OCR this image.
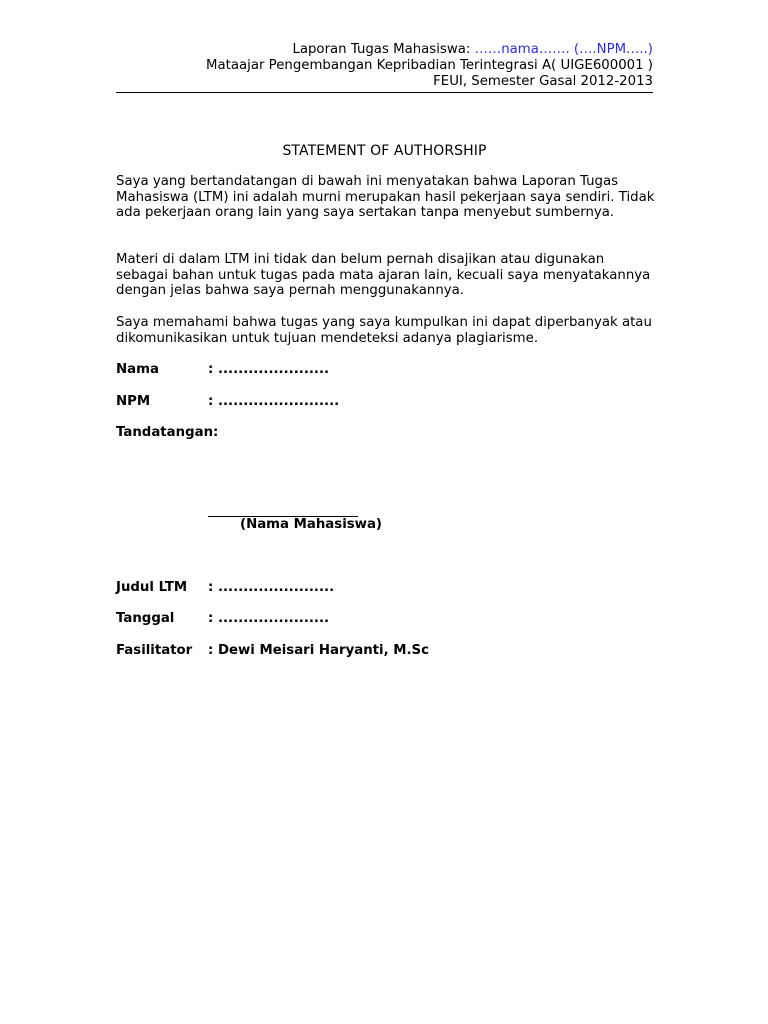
Laporan Tugas Mahasiswa: ……nama……. (….NPM…..)
Mataajar Pengembangan Kepribadian Terintegrasi A( UIGE600001 )
FEUI, Semester Gasal 2012-2013
STATEMENT OF AUTHORSHIP

Saya yang bertandatangan di bawah ini menyatakan bahwa Laporan Tugas Mahasiswa (LTM) ini adalah murni merupakan hasil pekerjaan saya sendiri. Tidak ada pekerjaan orang lain yang saya sertakan tanpa menyebut sumbernya.

Materi di dalam LTM ini tidak dan belum pernah disajikan atau digunakan sebagai bahan untuk tugas pada mata ajaran lain, kecuali saya menyatakannya dengan jelas bahwa saya pernah menggunakannya.

Saya memahami bahwa tugas yang saya kumpulkan ini dapat diperbanyak atau dikomunikasikan untuk tujuan mendeteksi adanya plagiarisme.

Nama	: ......................
NPM	: ........................
Tandatangan:
(Nama Mahasiswa)
Judul LTM : .......................
Tanggal	: ......................
Fasilitator : Dewi Meisari Haryanti, M.Sc
